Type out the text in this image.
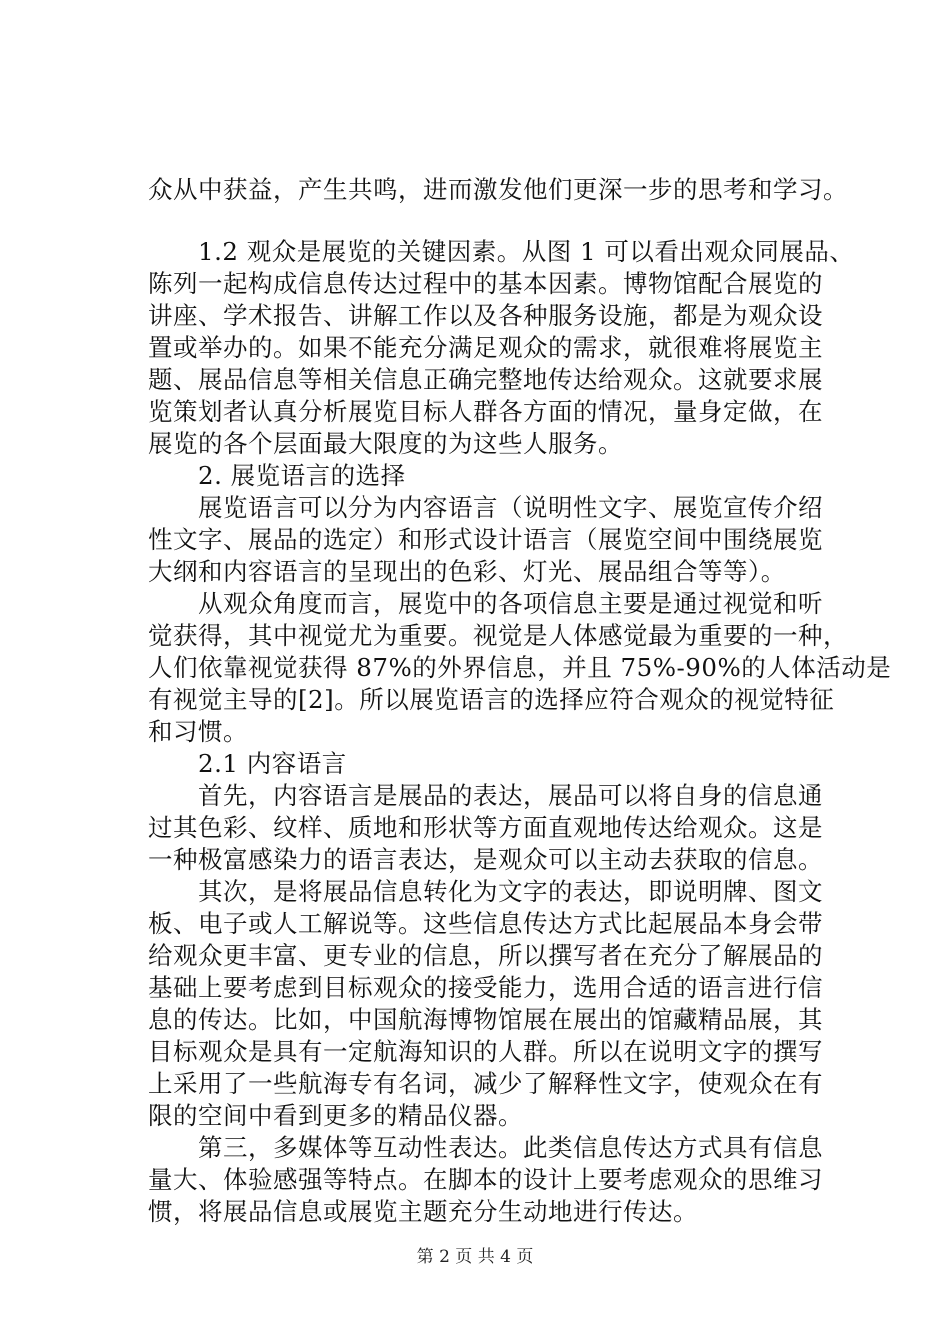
众从中获益，产生共鸣，进而激发他们更深一步的思考和学习。
　　1.2 观众是展览的关键因素。从图 1 可以看出观众同展品、
陈列一起构成信息传达过程中的基本因素。博物馆配合展览的
讲座、学术报告、讲解工作以及各种服务设施，都是为观众设
置或举办的。如果不能充分满足观众的需求，就很难将展览主
题、展品信息等相关信息正确完整地传达给观众。这就要求展
览策划者认真分析展览目标人群各方面的情况，量身定做，在
展览的各个层面最大限度的为这些人服务。
　　2. 展览语言的选择
　　展览语言可以分为内容语言（说明性文字、展览宣传介绍
性文字、展品的选定）和形式设计语言（展览空间中围绕展览
大纲和内容语言的呈现出的色彩、灯光、展品组合等等）。
　　从观众角度而言，展览中的各项信息主要是通过视觉和听
觉获得，其中视觉尤为重要。视觉是人体感觉最为重要的一种，
人们依靠视觉获得 87%的外界信息，并且 75%-90%的人体活动是
有视觉主导的[2]。所以展览语言的选择应符合观众的视觉特征
和习惯。
　　2.1 内容语言
　　首先，内容语言是展品的表达，展品可以将自身的信息通
过其色彩、纹样、质地和形状等方面直观地传达给观众。这是
一种极富感染力的语言表达，是观众可以主动去获取的信息。
　　其次，是将展品信息转化为文字的表达，即说明牌、图文
板、电子或人工解说等。这些信息传达方式比起展品本身会带
给观众更丰富、更专业的信息，所以撰写者在充分了解展品的
基础上要考虑到目标观众的接受能力，选用合适的语言进行信
息的传达。比如，中国航海博物馆展在展出的馆藏精品展，其
目标观众是具有一定航海知识的人群。所以在说明文字的撰写
上采用了一些航海专有名词，减少了解释性文字，使观众在有
限的空间中看到更多的精品仪器。
　　第三，多媒体等互动性表达。此类信息传达方式具有信息
量大、体验感强等特点。在脚本的设计上要考虑观众的思维习
惯，将展品信息或展览主题充分生动地进行传达。
第 2 页 共 4 页
